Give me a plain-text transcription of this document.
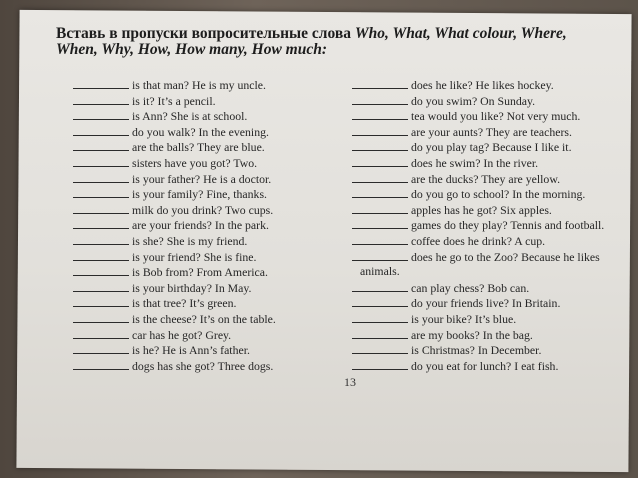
Вставь в пропуски вопросительные слова Who, What, What colour, Where, When, Why, How, How many, How much:
is that man? He is my uncle.
is it? It’s a pencil.
is Ann? She is at school.
do you walk? In the evening.
are the balls? They are blue.
sisters have you got? Two.
is your father? He is a doctor.
is your family? Fine, thanks.
milk do you drink? Two cups.
are your friends? In the park.
is she? She is my friend.
is your friend? She is fine.
is Bob from? From America.
is your birthday? In May.
is that tree? It’s green.
is the cheese? It’s on the table.
car has he got? Grey.
is he? He is Ann’s father.
dogs has she got? Three dogs.
does he like? He likes hockey.
do you swim? On Sunday.
tea would you like? Not very much.
are your aunts? They are teachers.
do you play tag? Because I like it.
does he swim? In the river.
are the ducks? They are yellow.
do you go to school? In the morning.
apples has he got? Six apples.
games do they play? Tennis and football.
coffee does he drink? A cup.
does he go to the Zoo? Because he likes
animals.
can play chess? Bob can.
do your friends live? In Britain.
is your bike? It’s blue.
are my books? In the bag.
is Christmas? In December.
do you eat for lunch? I eat fish.
13
